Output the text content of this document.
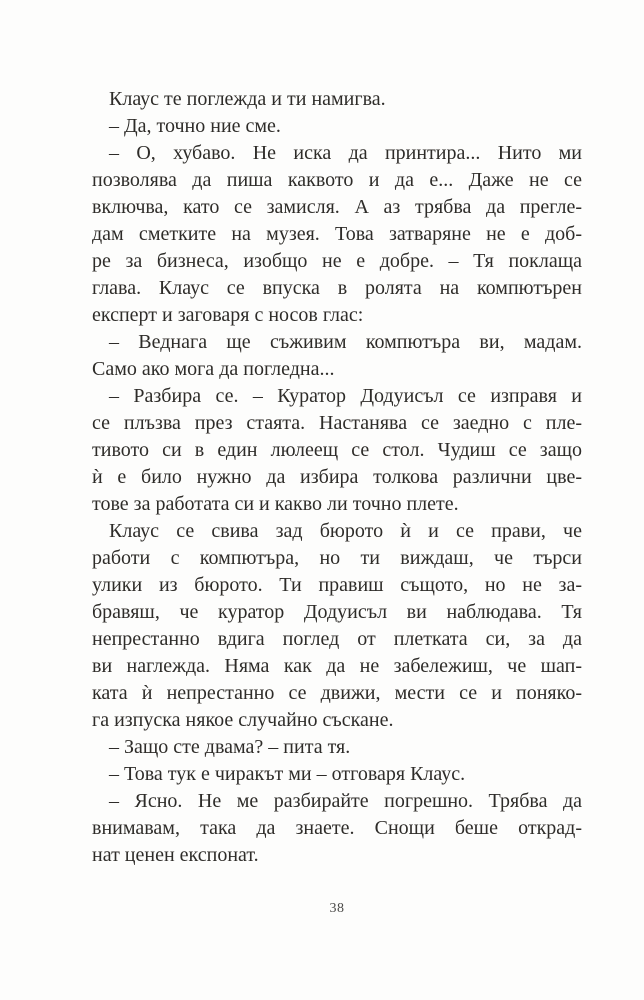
Клаус те поглежда и ти намигва.
– Да, точно ние сме.
– О, хубаво. Не иска да принтира... Нито ми
позволява да пиша каквото и да е... Даже не се
включва, като се замисля. А аз трябва да прегле-
дам сметките на музея. Това затваряне не е доб-
ре за бизнеса, изобщо не е добре. – Тя поклаща
глава. Клаус се впуска в ролята на компютърен
експерт и заговаря с носов глас:
– Веднага ще съживим компютъра ви, мадам.
Само ако мога да погледна...
– Разбира се. – Куратор Додуисъл се изправя и
се плъзва през стаята. Настанява се заедно с пле-
тивото си в един люлеещ се стол. Чудиш се защо
ѝ е било нужно да избира толкова различни цве-
тове за работата си и какво ли точно плете.
Клаус се свива зад бюрото ѝ и се прави, че
работи с компютъра, но ти виждаш, че търси
улики из бюрото. Ти правиш същото, но не за-
бравяш, че куратор Додуисъл ви наблюдава. Тя
непрестанно вдига поглед от плетката си, за да
ви наглежда. Няма как да не забележиш, че шап-
ката ѝ непрестанно се движи, мести се и поняко-
га изпуска някое случайно съскане.
– Защо сте двама? – пита тя.
– Това тук е чиракът ми – отговаря Клаус.
– Ясно. Не ме разбирайте погрешно. Трябва да
внимавам, така да знаете. Снощи беше открад-
нат ценен експонат.
38
